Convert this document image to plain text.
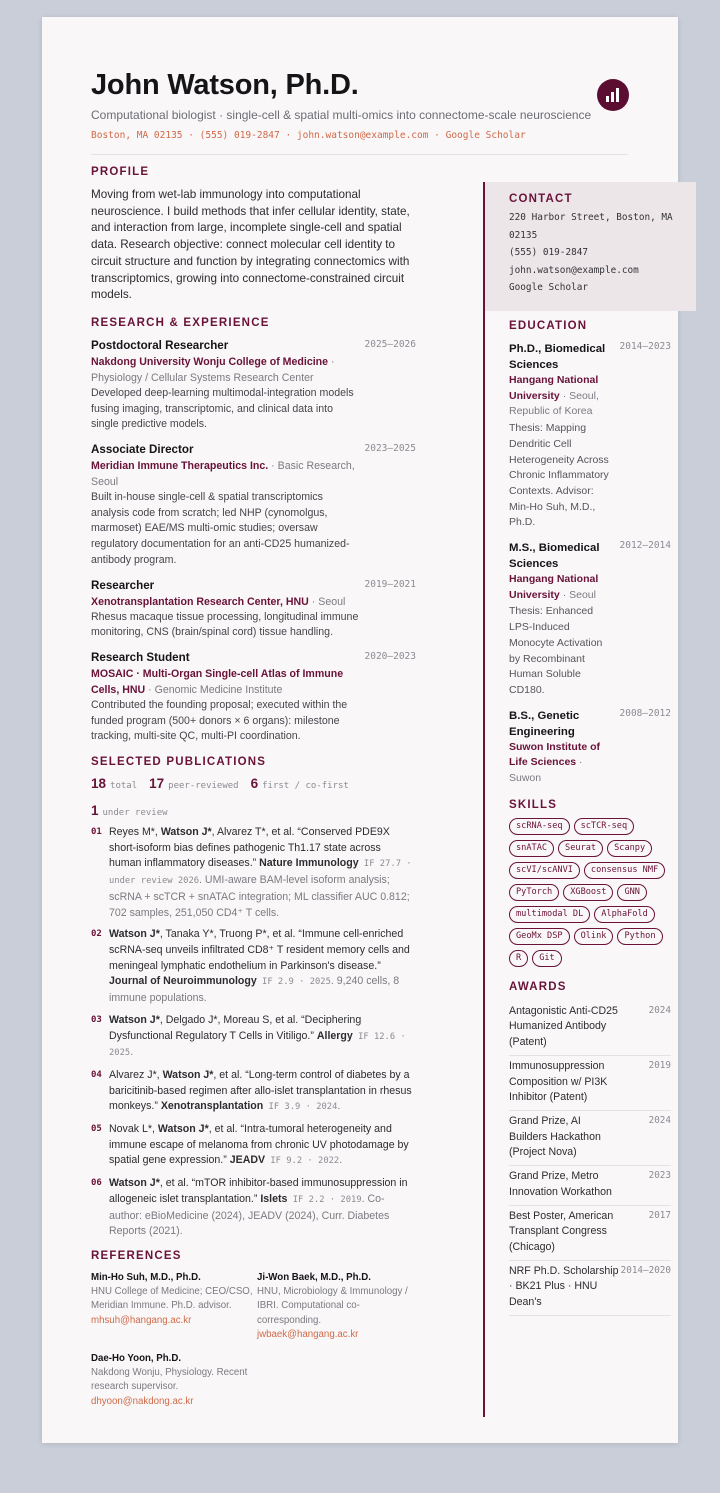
John Watson, Ph.D.
Computational biologist · single-cell & spatial multi-omics into connectome-scale neuroscience
Boston, MA 02135 · (555) 019-2847 · john.watson@example.com · Google Scholar
PROFILE
Moving from wet-lab immunology into computational neuroscience. I build methods that infer cellular identity, state, and interaction from large, incomplete single-cell and spatial data. Research objective: connect molecular cell identity to circuit structure and function by integrating connectomics with transcriptomics, growing into connectome-constrained circuit models.
RESEARCH & EXPERIENCE
Postdoctoral Researcher	2025–2026
Nakdong University Wonju College of Medicine · Physiology / Cellular Systems Research Center
Developed deep-learning multimodal-integration models fusing imaging, transcriptomic, and clinical data into single predictive models.
Associate Director	2023–2025
Meridian Immune Therapeutics Inc. · Basic Research, Seoul
Built in-house single-cell & spatial transcriptomics analysis code from scratch; led NHP (cynomolgus, marmoset) EAE/MS multi-omic studies; oversaw regulatory documentation for an anti-CD25 humanized-antibody program.
Researcher	2019–2021
Xenotransplantation Research Center, HNU · Seoul
Rhesus macaque tissue processing, longitudinal immune monitoring, CNS (brain/spinal cord) tissue handling.
Research Student	2020–2023
MOSAIC · Multi-Organ Single-cell Atlas of Immune Cells, HNU · Genomic Medicine Institute
Contributed the founding proposal; executed within the funded program (500+ donors × 6 organs): milestone tracking, multi-site QC, multi-PI coordination.
SELECTED PUBLICATIONS
18 total 17 peer-reviewed 6 first / co-first
1 under review
01 Reyes M*, Watson J*, Alvarez T*, et al. “Conserved PDE9X short-isoform bias defines pathogenic Th1.17 state across human inflammatory diseases.” Nature Immunology IF 27.7 · under review 2026. UMI-aware BAM-level isoform analysis; scRNA + scTCR + snATAC integration; ML classifier AUC 0.812; 702 samples, 251,050 CD4⁺ T cells.
02 Watson J*, Tanaka Y*, Truong P*, et al. “Immune cell-enriched scRNA-seq unveils infiltrated CD8⁺ T resident memory cells and meningeal lymphatic endothelium in Parkinson's disease.” Journal of Neuroimmunology IF 2.9 · 2025. 9,240 cells, 8 immune populations.
03 Watson J*, Delgado J*, Moreau S, et al. “Deciphering Dysfunctional Regulatory T Cells in Vitiligo.” Allergy IF 12.6 · 2025.
04 Alvarez J*, Watson J*, et al. “Long-term control of diabetes by a baricitinib-based regimen after allo-islet transplantation in rhesus monkeys.” Xenotransplantation IF 3.9 · 2024.
05 Novak L*, Watson J*, et al. “Intra-tumoral heterogeneity and immune escape of melanoma from chronic UV photodamage by spatial gene expression.” JEADV IF 9.2 · 2022.
06 Watson J*, et al. “mTOR inhibitor-based immunosuppression in allogeneic islet transplantation.” Islets IF 2.2 · 2019. Co-author: eBioMedicine (2024), JEADV (2024), Curr. Diabetes Reports (2021).
REFERENCES
Min-Ho Suh, M.D., Ph.D.
HNU College of Medicine; CEO/CSO, Meridian Immune. Ph.D. advisor.
mhsuh@hangang.ac.kr
Ji-Won Baek, M.D., Ph.D.
HNU, Microbiology & Immunology / IBRI. Computational co-corresponding.
jwbaek@hangang.ac.kr
Dae-Ho Yoon, Ph.D.
Nakdong Wonju, Physiology. Recent research supervisor.
dhyoon@nakdong.ac.kr
CONTACT
220 Harbor Street, Boston, MA 02135
(555) 019-2847
john.watson@example.com
Google Scholar
EDUCATION
Ph.D., Biomedical Sciences
2014–2023
Hangang National University · Seoul, Republic of Korea
Thesis: Mapping Dendritic Cell Heterogeneity Across Chronic Inflammatory Contexts. Advisor: Min-Ho Suh, M.D., Ph.D.
M.S., Biomedical Sciences
2012–2014
Hangang National University · Seoul
Thesis: Enhanced LPS-Induced Monocyte Activation by Recombinant Human Soluble CD180.
B.S., Genetic Engineering
2008–2012
Suwon Institute of Life Sciences · Suwon
SKILLS
scRNA-seq	scTCR-seq
snATAC	Seurat	Scanpy
scVI/scANVI	consensus NMF
PyTorch	XGBoost	GNN
multimodal DL	AlphaFold
GeoMx DSP	Olink	Python
R	Git
AWARDS
Antagonistic Anti-CD25 Humanized Antibody (Patent)
2024
Immunosuppression Composition w/ PI3K Inhibitor (Patent)
2019
Grand Prize, AI Builders Hackathon (Project Nova)
2024
Grand Prize, Metro Innovation Workathon
2023
Best Poster, American Transplant Congress (Chicago)
2017
NRF Ph.D. Scholarship · BK21 Plus · HNU Dean's
2014–2020
